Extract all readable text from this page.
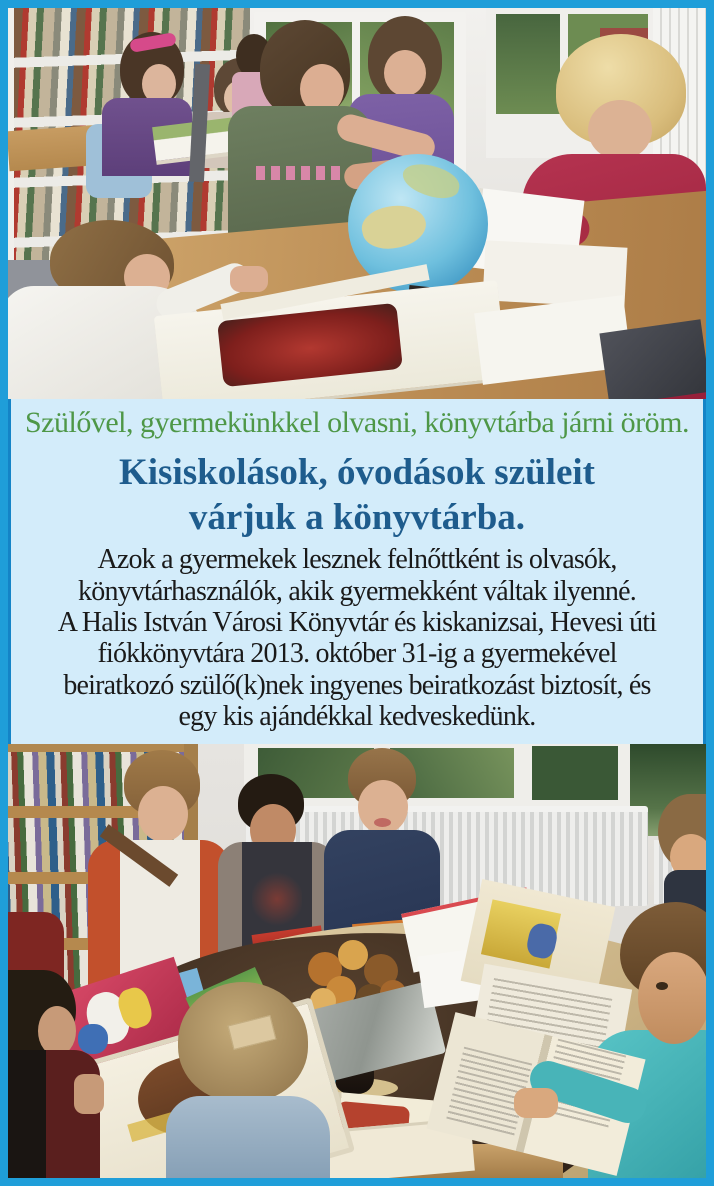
Szülővel, gyermekünkkel olvasni, könyvtárba járni öröm.
Kisiskolások, óvodások szüleit
várjuk a könyvtárba.
Azok a gyermekek lesznek felnőttként is olvasók,
könyvtárhasználók, akik gyermekként váltak ilyenné.
A Halis István Városi Könyvtár és kiskanizsai, Hevesi úti
fiókkönyvtára 2013. október 31-ig a gyermekével
beiratkozó szülő(k)nek ingyenes beiratkozást biztosít, és
egy kis ajándékkal kedveskedünk.
